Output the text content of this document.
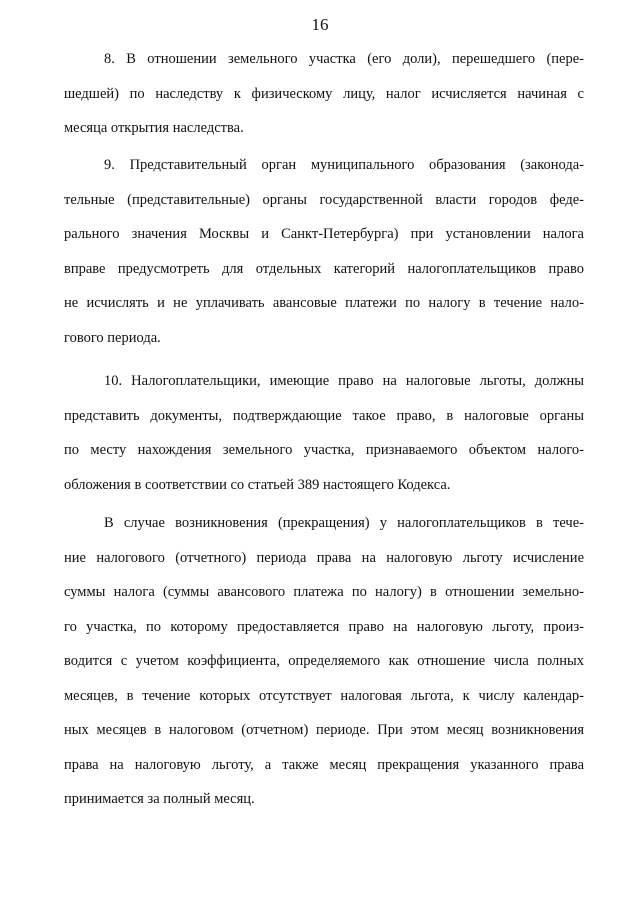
16
8. В отношении земельного участка (его доли), перешедшего (пере-
шедшей) по наследству к физическому лицу, налог исчисляется начиная с
месяца открытия наследства.
9. Представительный орган муниципального образования (законода-
тельные (представительные) органы государственной власти городов феде-
рального значения Москвы и Санкт-Петербурга) при установлении налога
вправе предусмотреть для отдельных категорий налогоплательщиков право
не исчислять и не уплачивать авансовые платежи по налогу в течение нало-
гового периода.
10. Налогоплательщики, имеющие право на налоговые льготы, должны
представить документы, подтверждающие такое право, в налоговые органы
по месту нахождения земельного участка, признаваемого объектом налого-
обложения в соответствии со статьей 389 настоящего Кодекса.
В случае возникновения (прекращения) у налогоплательщиков в тече-
ние налогового (отчетного) периода права на налоговую льготу исчисление
суммы налога (суммы авансового платежа по налогу) в отношении земельно-
го участка, по которому предоставляется право на налоговую льготу, произ-
водится с учетом коэффициента, определяемого как отношение числа полных
месяцев, в течение которых отсутствует налоговая льгота, к числу календар-
ных месяцев в налоговом (отчетном) периоде. При этом месяц возникновения
права на налоговую льготу, а также месяц прекращения указанного права
принимается за полный месяц.
